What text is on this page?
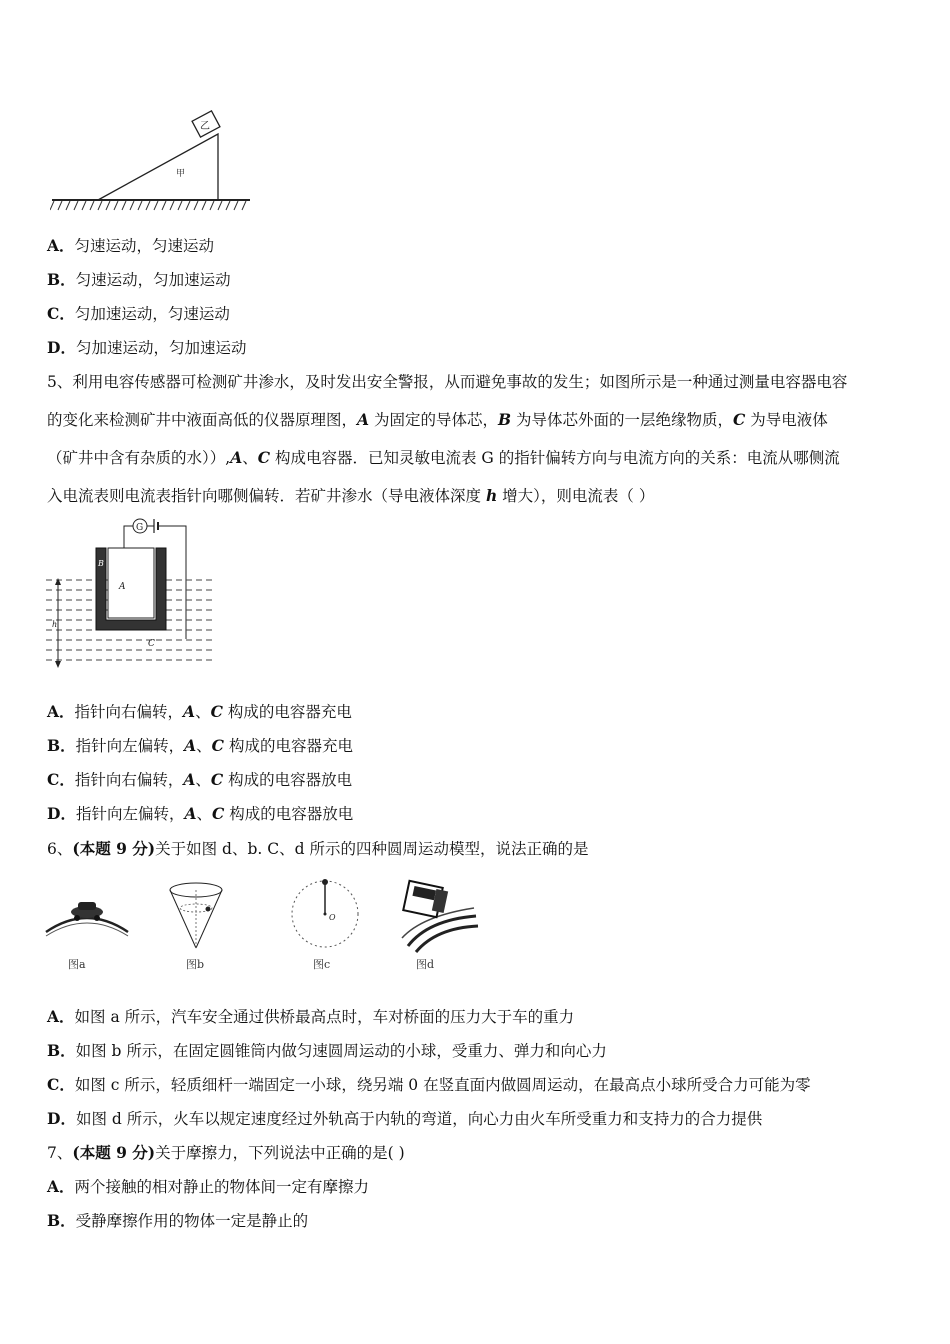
乙
甲
A．匀速运动，匀速运动
B．匀速运动，匀加速运动
C．匀加速运动，匀速运动
D．匀加速运动，匀加速运动
5、利用电容传感器可检测矿井渗水，及时发出安全警报，从而避免事故的发生；如图所示是一种通过测量电容器电容
的变化来检测矿井中液面高低的仪器原理图，A 为固定的导体芯，B 为导体芯外面的一层绝缘物质，C 为导电液体
（矿井中含有杂质的水））,A、C 构成电容器．已知灵敏电流表 G 的指针偏转方向与电流方向的关系：电流从哪侧流
入电流表则电流表指针向哪侧偏转．若矿井渗水（导电液体深度 h 增大），则电流表（ ）
G
A
B
C
h
A．指针向右偏转，A、C 构成的电容器充电
B．指针向左偏转，A、C 构成的电容器充电
C．指针向右偏转，A、C 构成的电容器放电
D．指针向左偏转，A、C 构成的电容器放电
6、(本题 9 分)关于如图 d、b. C、d 所示的四种圆周运动模型，说法正确的是
图a	图b
O
图c	图d
A．如图 a 所示，汽车安全通过供桥最高点时，车对桥面的压力大于车的重力
B．如图 b 所示，在固定圆锥筒内做匀速圆周运动的小球，受重力、弹力和向心力
C．如图 c 所示，轻质细杆一端固定一小球，绕另端 0 在竖直面内做圆周运动，在最高点小球所受合力可能为零
D．如图 d 所示，火车以规定速度经过外轨高于内轨的弯道，向心力由火车所受重力和支持力的合力提供
7、(本题 9 分)关于摩擦力，下列说法中正确的是( )
A．两个接触的相对静止的物体间一定有摩擦力
B．受静摩擦作用的物体一定是静止的
